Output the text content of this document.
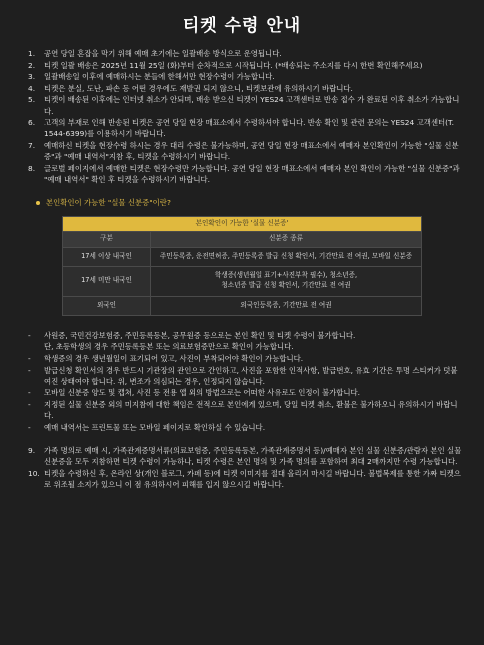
티켓 수령 안내
1.	공연 당일 혼잡을 막기 위해 예매 초기에는 일괄배송 방식으로 운영됩니다.
2.	티켓 일괄 배송은 2025년 11월 25일 (화)부터 순차적으로 시작됩니다. (*배송되는 주소지를 다시 한번 확인해주세요)
3.	일괄배송일 이후에 예매하시는 분들에 한해서만 현장수령이 가능합니다.
4.	티켓은 분실, 도난, 파손 등 어떤 경우에도 재발권 되지 않으니, 티켓보관에 유의하시기 바랍니다.
5.	티켓이 배송된 이후에는 인터넷 취소가 안되며, 배송 받으신 티켓이 YES24 고객센터로 반송 접수 가 완료된 이후 취소가 가능합니다.
6.	고객의 부재로 인해 반송된 티켓은 공연 당일 현장 매표소에서 수령하셔야 합니다. 반송 확인 및 관련 문의는 YES24 고객센터(T. 1544-6399)를 이용하시기 바랍니다.
7.	예매하신 티켓을 현장수령 하시는 경우 대리 수령은 불가능하며, 공연 당일 현장 매표소에서 예매자 본인확인이 가능한 "실물 신분증"과 "예매 내역서"지참 후, 티켓을 수령하시기 바랍니다.
8.	글로벌 페이지에서 예매한 티켓은 현장수령만 가능합니다. 공연 당일 현장 매표소에서 예매자 본인 확인이 가능한 "실물 신분증"과 "예매 내역서" 확인 후 티켓을 수령하시기 바랍니다.
본인확인이 가능한 "실물 신분증"이란?
본인확인이 가능한 '실물 신분증'	
구분	신분증 종류
17세 이상 내국인	주민등록증, 운전면허증, 주민등록증 발급 신청 확인서, 기간만료 전 여권, 모바일 신분증

17세 미만 내국인	학생증(생년월일 표기+사진부착 필수), 청소년증,
청소년증 발급 신청 확인서, 기간만료 전 여권

외국인	외국인등록증, 기간만료 전 여권
-	사원증, 국민건강보험증, 주민등록등본, 공무원증 등으로는 본인 확인 및 티켓 수령이 불가합니다.
단, 초등학생의 경우 주민등록등본 또는 의료보험증만으로 확인이 가능합니다.
-	학생증의 경우 생년월일이 표기되어 있고, 사진이 부착되어야 확인이 가능합니다.
-	발급신청 확인서의 경우 반드시 기관장의 관인으로 간인하고, 사진을 포함한 인적사항, 발급번호, 유효 기간은 투명 스티커가 덧붙여진 상태여야 합니다. 위, 변조가 의심되는 경우, 인정되지 않습니다.
-	모바일 신분증 양도 및 캡쳐, 사진 등 전용 앱 외의 방법으로는 어떠한 사유로도 인정이 불가합니다.
-	지정된 실물 신분증 외의 미지참에 대한 책임은 전적으로 본인에게 있으며, 당일 티켓 취소, 환불은 불가하오니 유의하시기 바랍니다.
-	예매 내역서는 프린트물 또는 모바일 페이지로 확인하실 수 있습니다.
9.	가족 명의로 예매 시, 가족관계증명서류(의료보험증, 주민등록등본, 가족관계증명서 등)/예매자 본인 실물 신분증/관람자 본인 실물 신분증을 모두 지참하면 티켓 수령이 가능하나, 티켓 수령은 본인 명의 및 가족 명의를 포함하여 최대 2매까지만 수령 가능합니다.
10. 티켓을 수령하신 후, 온라인 상(개인 블로그, 카페 등)에 티켓 이미지를 절대 올리지 마시길 바랍니다. 불법복제를 통한 가짜 티켓으로 위조될 소지가 있으니 이 점 유의하시어 피해를 입지 않으시길 바랍니다.
